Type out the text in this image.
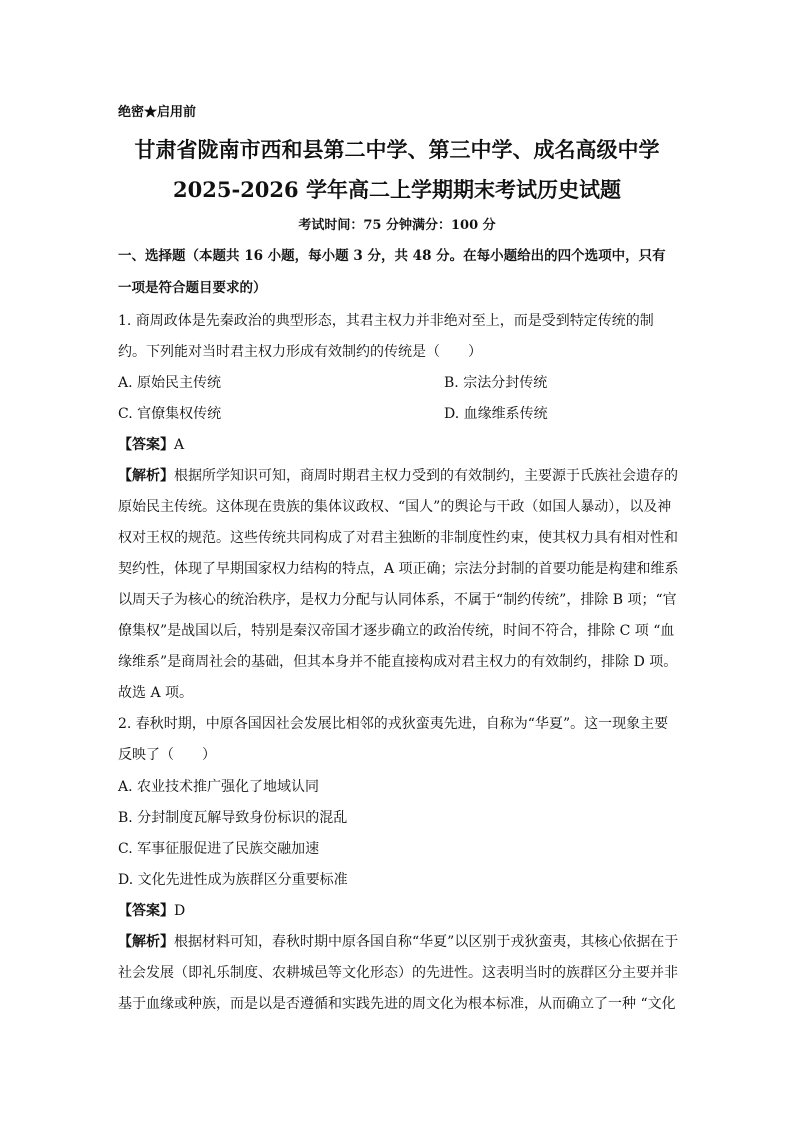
绝密★启用前
甘肃省陇南市西和县第二中学、第三中学、成名高级中学
2025-2026 学年高二上学期期末考试历史试题
考试时间：75 分钟满分：100 分
一、选择题（本题共 16 小题，每小题 3 分，共 48 分。在每小题给出的四个选项中，只有
一项是符合题目要求的）
1. 商周政体是先秦政治的典型形态，其君主权力并非绝对至上，而是受到特定传统的制
约。下列能对当时君主权力形成有效制约的传统是（　　）
A. 原始民主传统	B. 宗法分封传统
C. 官僚集权传统	D. 血缘维系传统
【答案】A
【解析】根据所学知识可知，商周时期君主权力受到的有效制约，主要源于氏族社会遗存的
原始民主传统。这体现在贵族的集体议政权、“国人”的舆论与干政（如国人暴动），以及神
权对王权的规范。这些传统共同构成了对君主独断的非制度性约束，使其权力具有相对性和
契约性，体现了早期国家权力结构的特点，A 项正确；宗法分封制的首要功能是构建和维系
以周天子为核心的统治秩序，是权力分配与认同体系，不属于“制约传统”，排除 B 项；“官
僚集权”是战国以后，特别是秦汉帝国才逐步确立的政治传统，时间不符合，排除 C 项 “血
缘维系”是商周社会的基础，但其本身并不能直接构成对君主权力的有效制约，排除 D 项。
故选 A 项。
2. 春秋时期，中原各国因社会发展比相邻的戎狄蛮夷先进，自称为“华夏”。这一现象主要
反映了（　　）
A. 农业技术推广强化了地域认同
B. 分封制度瓦解导致身份标识的混乱
C. 军事征服促进了民族交融加速
D. 文化先进性成为族群区分重要标准
【答案】D
【解析】根据材料可知，春秋时期中原各国自称“华夏”以区别于戎狄蛮夷，其核心依据在于
社会发展（即礼乐制度、农耕城邑等文化形态）的先进性。这表明当时的族群区分主要并非
基于血缘或种族，而是以是否遵循和实践先进的周文化为根本标准，从而确立了一种 “文化
